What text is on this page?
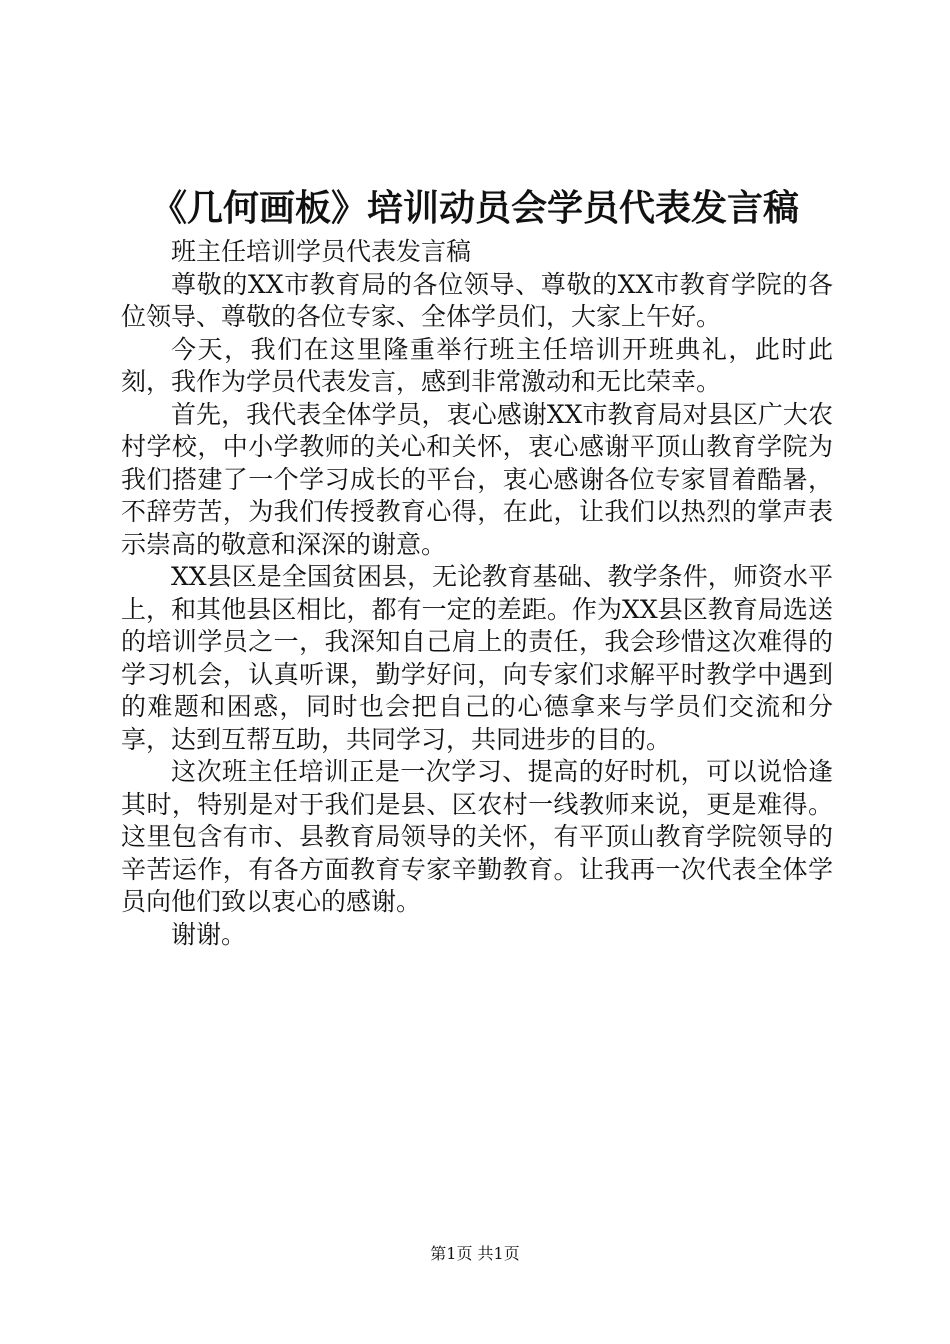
《几何画板》培训动员会学员代表发言稿

班主任培训学员代表发言稿

尊敬的XX市教育局的各位领导、尊敬的XX市教育学院的各位领导、尊敬的各位专家、全体学员们，大家上午好。

今天，我们在这里隆重举行班主任培训开班典礼，此时此刻，我作为学员代表发言，感到非常激动和无比荣幸。

首先，我代表全体学员，衷心感谢XX市教育局对县区广大农村学校，中小学教师的关心和关怀，衷心感谢平顶山教育学院为我们搭建了一个学习成长的平台，衷心感谢各位专家冒着酷暑，不辞劳苦，为我们传授教育心得，在此，让我们以热烈的掌声表示崇高的敬意和深深的谢意。

XX县区是全国贫困县，无论教育基础、教学条件，师资水平上，和其他县区相比，都有一定的差距。作为XX县区教育局选送的培训学员之一，我深知自己肩上的责任，我会珍惜这次难得的学习机会，认真听课，勤学好问，向专家们求解平时教学中遇到的难题和困惑，同时也会把自己的心德拿来与学员们交流和分享，达到互帮互助，共同学习，共同进步的目的。

这次班主任培训正是一次学习、提高的好时机，可以说恰逢其时，特别是对于我们是县、区农村一线教师来说，更是难得。这里包含有市、县教育局领导的关怀，有平顶山教育学院领导的辛苦运作，有各方面教育专家辛勤教育。让我再一次代表全体学员向他们致以衷心的感谢。

谢谢。

第1页 共1页
